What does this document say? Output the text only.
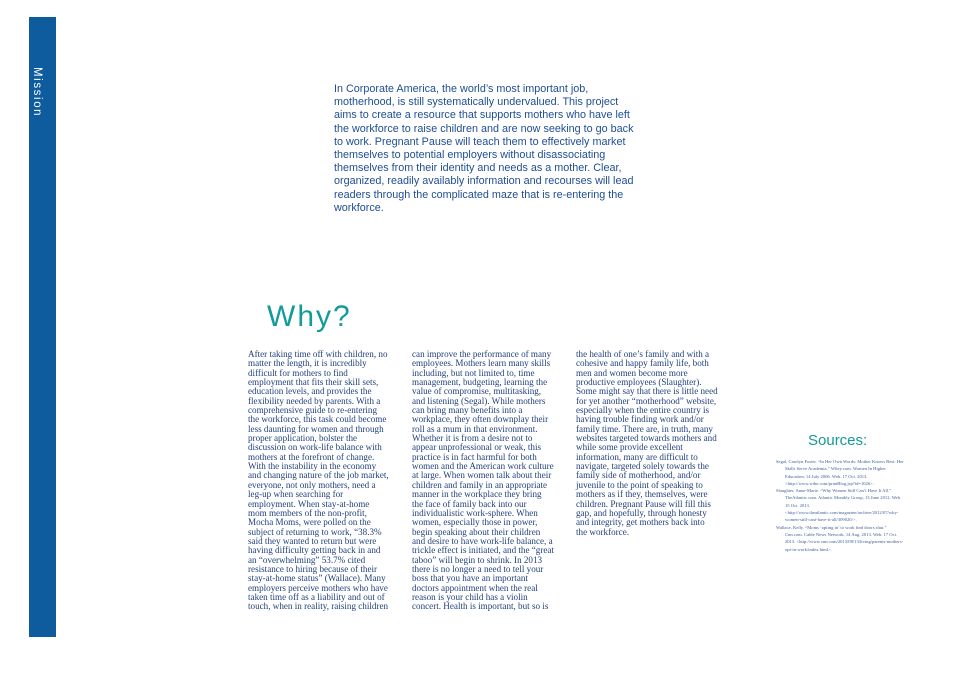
Mission	In Corporate America, the world’s most important job, motherhood, is still systematically undervalued. This project aims to create a resource that supports mothers who have left the workforce to raise children and are now seeking to go back to work. Pregnant Pause will teach them to effectively market themselves to potential employers without disassociating themselves from their identity and needs as a mother. Clear, organized, readily availably information and recourses will lead readers through the complicated maze that is re-entering the workforce.

Why?

After taking time off with children, no matter the length, it is incredibly difficult for mothers to find employment that fits their skill sets, education levels, and provides the flexibility needed by parents. With a comprehensive guide to re-entering the workforce, this task could become less daunting for women and through proper application, bolster the discussion on work-life balance with mothers at the forefront of change.

With the instability in the economy and changing nature of the job market, everyone, not only mothers, need a leg-up when searching for employment. When stay-at-home mom members of the non-profit, Mocha Moms, were polled on the subject of returning to work, “38.3% said they wanted to return but were having difficulty getting back in and an “overwhelming” 53.7% cited resistance to hiring because of their stay-at-home status” (Wallace). Many employers perceive mothers who have taken time off as a liability and out of touch, when in reality, raising children can improve the performance of many employees. Mothers learn many skills including, but not limited to, time management, budgeting, learning the value of compromise, multitasking, and listening (Segal). While mothers can bring many benefits into a workplace, they often downplay their roll as a mum in that environment. Whether it is from a desire not to appear unprofessional or weak, this practice is in fact harmful for both women and the American work culture at large. When women talk about their children and family in an appropriate manner in the workplace they bring the face of family back into our individualistic work-sphere. When women, especially those in power, begin speaking about their children and desire to have work-life balance, a trickle effect is initiated, and the “great taboo” will begin to shrink. In 2013 there is no longer a need to tell your boss that you have an important doctors appointment when the real reason is your child has a violin concert. Health is important, but so is the health of one’s family and with a cohesive and happy family life, both men and women become more productive employees (Slaughter).

Some might say that there is little need for yet another “motherhood” website, especially when the entire country is having trouble finding work and/or family time. There are, in truth, many websites targeted towards mothers and while some provide excellent information, many are difficult to navigate, targeted solely towards the family side of motherhood, and/or juvenile to the point of speaking to mothers as if they, themselves, were children. Pregnant Pause will fill this gap, and hopefully, through honesty and integrity, get mothers back into the workforce.

Sources:
Segal, Carolyn Foster. “In Her Own Words: Mother Knows Best: Her Skills Serve Academia.” Wiley.com. Women In Higher Education, 14 July 2006. Web. 17 Oct. 2013. <http://www.wihe.com/printBlog.jsp?id=1026>.
Slaughter, Anne-Marie. “Why Women Still Can’t Have It All.” TheAtlantic.com. Atlantic Monthly Group, 13 June 2012. Web. 15 Oct. 2013. <http://www.theatlantic.com/magazine/archive/2012/07/why-women-still-cant-have-it-all/309020/>.
Wallace, Kelly. “Moms ‘opting in’ to work find doors shut.” Cnn.com. Cable News Network, 14 Aug. 2013. Web. 17 Oct. 2013. <http://www.cnn.com/2013/08/13/living/parents-mothers-opt-in-work/index.html>.
